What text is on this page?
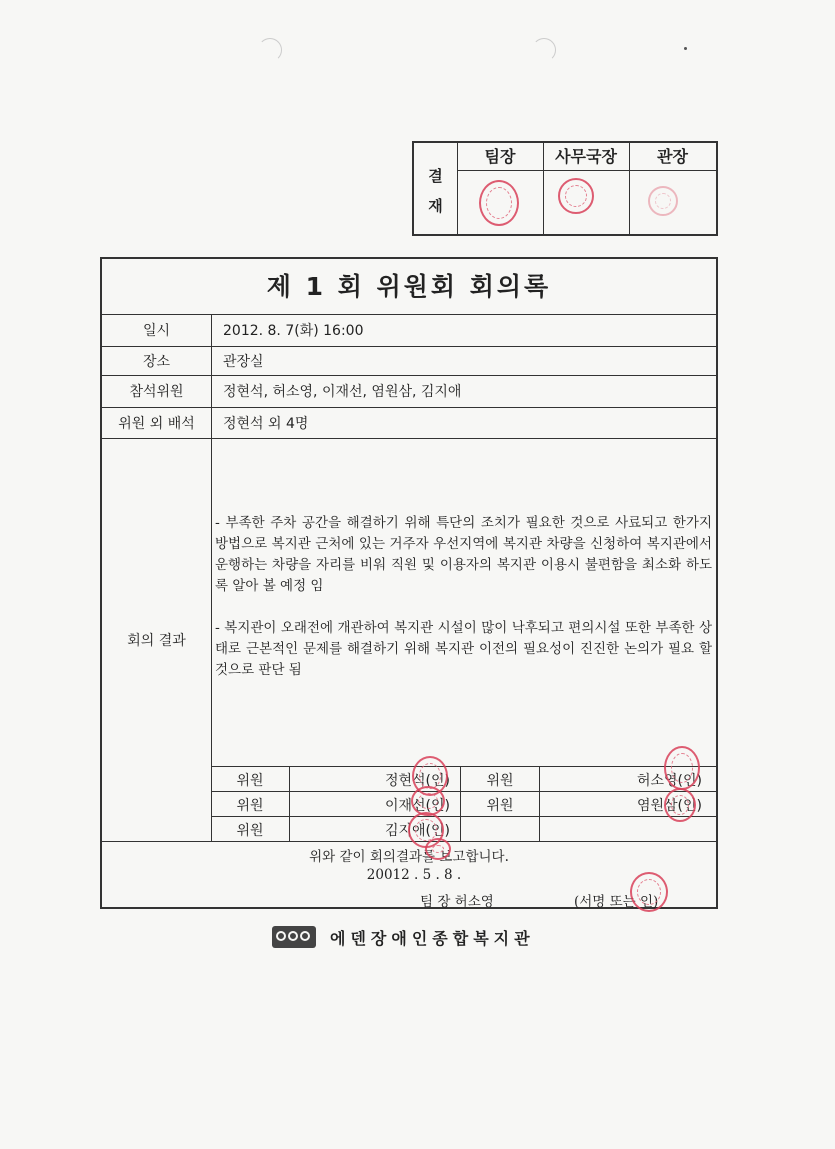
결
재
팀장	사무국장	관장
제 1 회 위원회 회의록
일시	2012. 8. 7(화) 16:00
장소	관장실
참석위원	정현석, 허소영, 이재선, 염원삼, 김지애
위원 외 배석	정현석 외 4명
회의 결과

- 부족한 주차 공간을 해결하기 위해 특단의 조치가 필요한 것으로 사료되고 한가지 방법으로 복지관 근처에 있는 거주자 우선지역에 복지관 차량을 신청하여 복지관에서 운행하는 차량을 자리를 비워 직원 및 이용자의 복지관 이용시 불편함을 최소화 하도록 알아 볼 예정 임

- 복지관이 오래전에 개관하여 복지관 시설이 많이 낙후되고 편의시설 또한 부족한 상태로 근본적인 문제를 해결하기 위해 복지관 이전의 필요성이 진진한 논의가 필요 할 것으로 판단 됨

위원	정현석(인)	위원	허소영(인)
위원	이재선(인)	위원	염원삼(인)
위원	김지애(인)
위와 같이 회의결과를 보고합니다.
20012 . 5 . 8 .
팀 장 허소영	(서명 또는 인)
에덴장애인종합복지관
